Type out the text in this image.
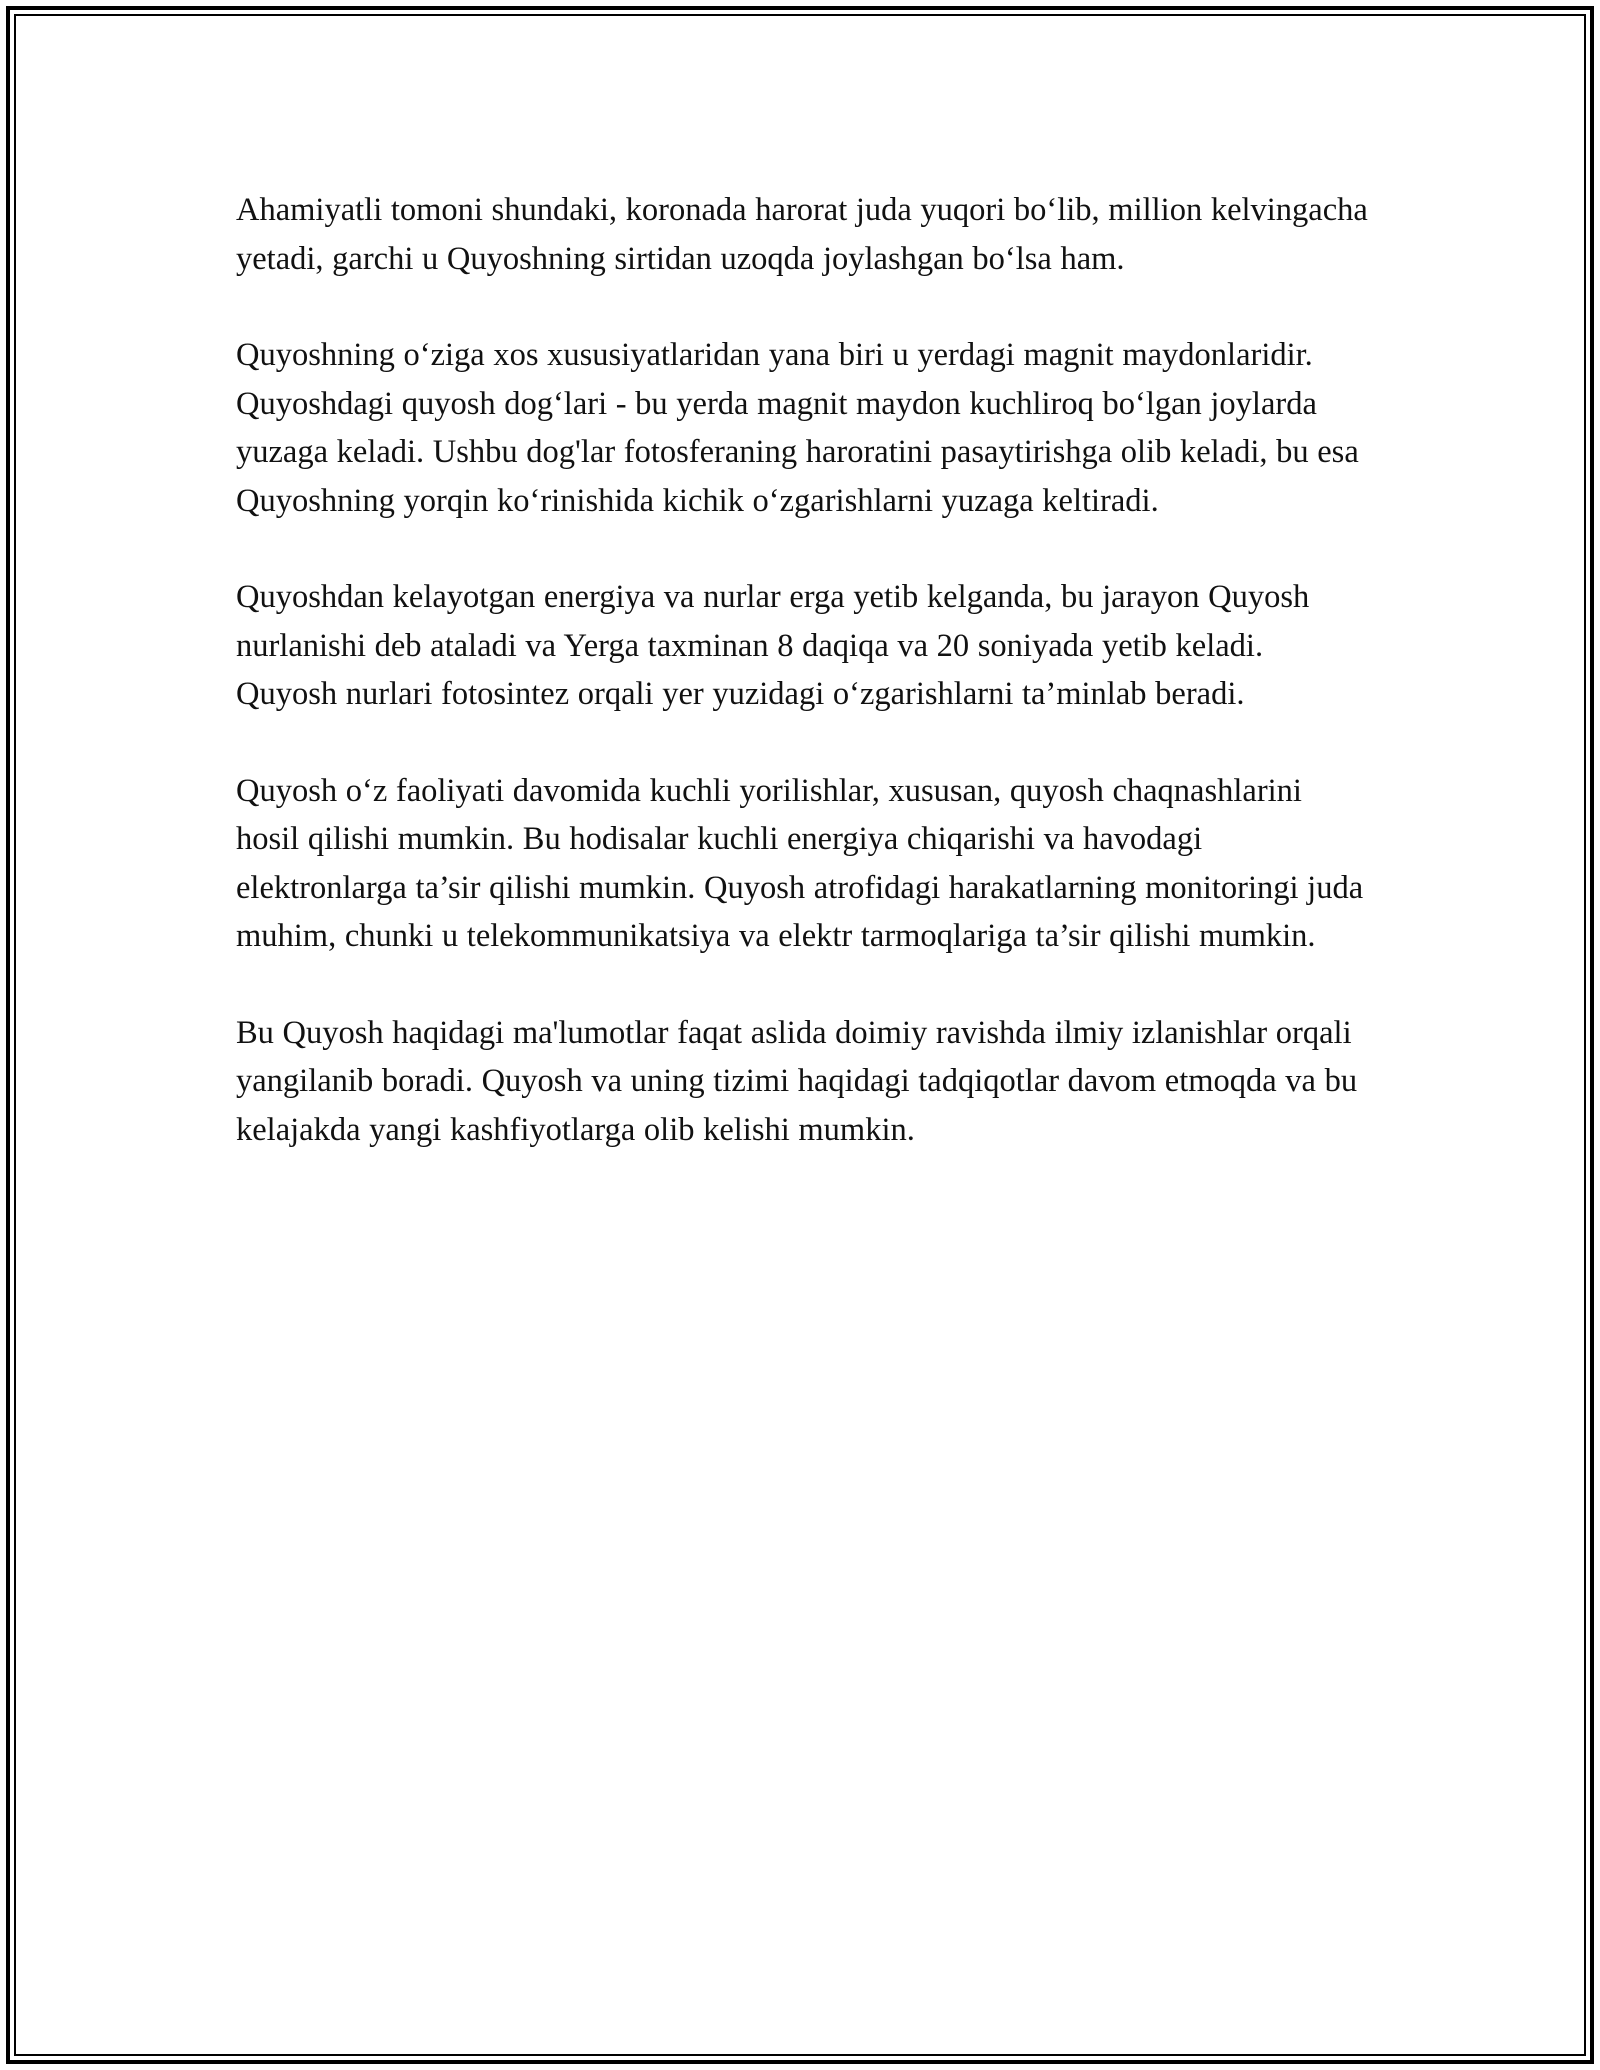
Ahamiyatli tomoni shundaki, koronada harorat juda yuqori bo‘lib, million kelvingacha yetadi, garchi u Quyoshning sirtidan uzoqda joylashgan bo‘lsa ham.

Quyoshning o‘ziga xos xususiyatlaridan yana biri u yerdagi magnit maydonlaridir. Quyoshdagi quyosh dog‘lari - bu yerda magnit maydon kuchliroq bo‘lgan joylarda yuzaga keladi. Ushbu dog'lar fotosferaning haroratini pasaytirishga olib keladi, bu esa Quyoshning yorqin ko‘rinishida kichik o‘zgarishlarni yuzaga keltiradi.

Quyoshdan kelayotgan energiya va nurlar erga yetib kelganda, bu jarayon Quyosh nurlanishi deb ataladi va Yerga taxminan 8 daqiqa va 20 soniyada yetib keladi. Quyosh nurlari fotosintez orqali yer yuzidagi o‘zgarishlarni ta’minlab beradi.

Quyosh o‘z faoliyati davomida kuchli yorilishlar, xususan, quyosh chaqnashlarini hosil qilishi mumkin. Bu hodisalar kuchli energiya chiqarishi va havodagi elektronlarga ta’sir qilishi mumkin. Quyosh atrofidagi harakatlarning monitoringi juda muhim, chunki u telekommunikatsiya va elektr tarmoqlariga ta’sir qilishi mumkin.

Bu Quyosh haqidagi ma'lumotlar faqat aslida doimiy ravishda ilmiy izlanishlar orqali yangilanib boradi. Quyosh va uning tizimi haqidagi tadqiqotlar davom etmoqda va bu kelajakda yangi kashfiyotlarga olib kelishi mumkin.
